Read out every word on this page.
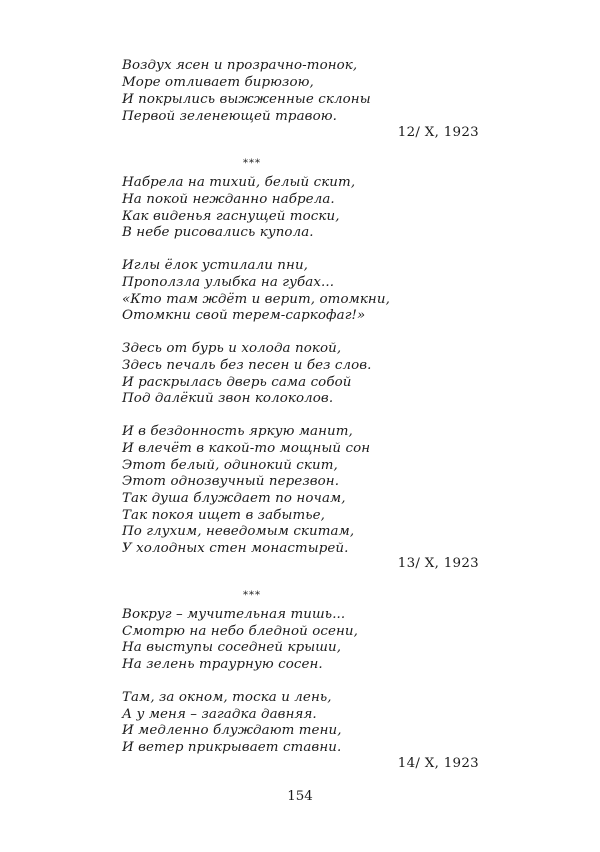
Воздух ясен и прозрачно-тонок,
Море отливает бирюзою,
И покрылись выжженные склоны
Первой зеленеющей травою.
12/ X, 1923
***
Набрела на тихий, белый скит,
На покой нежданно набрела.
Как виденья гаснущей тоски,
В небе рисовались купола.
Иглы ёлок устилали пни,
Проползла улыбка на губах...
«Кто там ждёт и верит, отомкни,
Отомкни свой терем-саркофаг!»
Здесь от бурь и холода покой,
Здесь печаль без песен и без слов.
И раскрылась дверь сама собой
Под далёкий звон колоколов.
И в бездонность яркую манит,
И влечёт в какой-то мощный сон
Этот белый, одинокий скит,
Этот однозвучный перезвон.
Так душа блуждает по ночам,
Так покоя ищет в забытье,
По глухим, неведомым скитам,
У холодных стен монастырей.
13/ X, 1923
***
Вокруг – мучительная тишь...
Смотрю на небо бледной осени,
На выступы соседней крыши,
На зелень траурную сосен.
Там, за окном, тоска и лень,
А у меня – загадка давняя.
И медленно блуждают тени,
И ветер прикрывает ставни.
14/ X, 1923
154
